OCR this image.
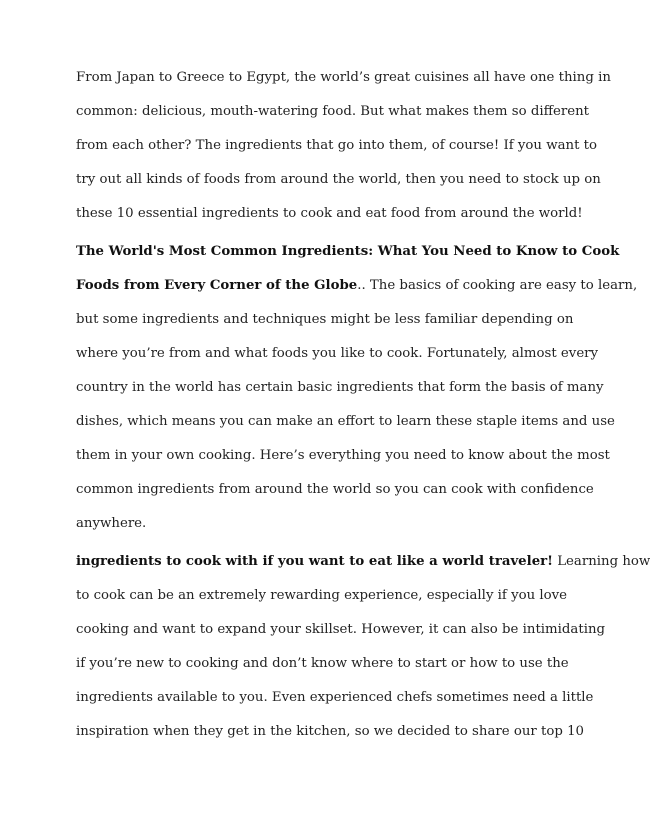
From Japan to Greece to Egypt, the world’s great cuisines all have one thing in
common: delicious, mouth-watering food. But what makes them so different
from each other? The ingredients that go into them, of course! If you want to
try out all kinds of foods from around the world, then you need to stock up on
these 10 essential ingredients to cook and eat food from around the world!
The World's Most Common Ingredients: What You Need to Know to Cook
Foods from Every Corner of the Globe.. The basics of cooking are easy to learn,
but some ingredients and techniques might be less familiar depending on
where you’re from and what foods you like to cook. Fortunately, almost every
country in the world has certain basic ingredients that form the basis of many
dishes, which means you can make an effort to learn these staple items and use
them in your own cooking. Here’s everything you need to know about the most
common ingredients from around the world so you can cook with confidence
anywhere.
ingredients to cook with if you want to eat like a world traveler! Learning how
to cook can be an extremely rewarding experience, especially if you love
cooking and want to expand your skillset. However, it can also be intimidating
if you’re new to cooking and don’t know where to start or how to use the
ingredients available to you. Even experienced chefs sometimes need a little
inspiration when they get in the kitchen, so we decided to share our top 10
